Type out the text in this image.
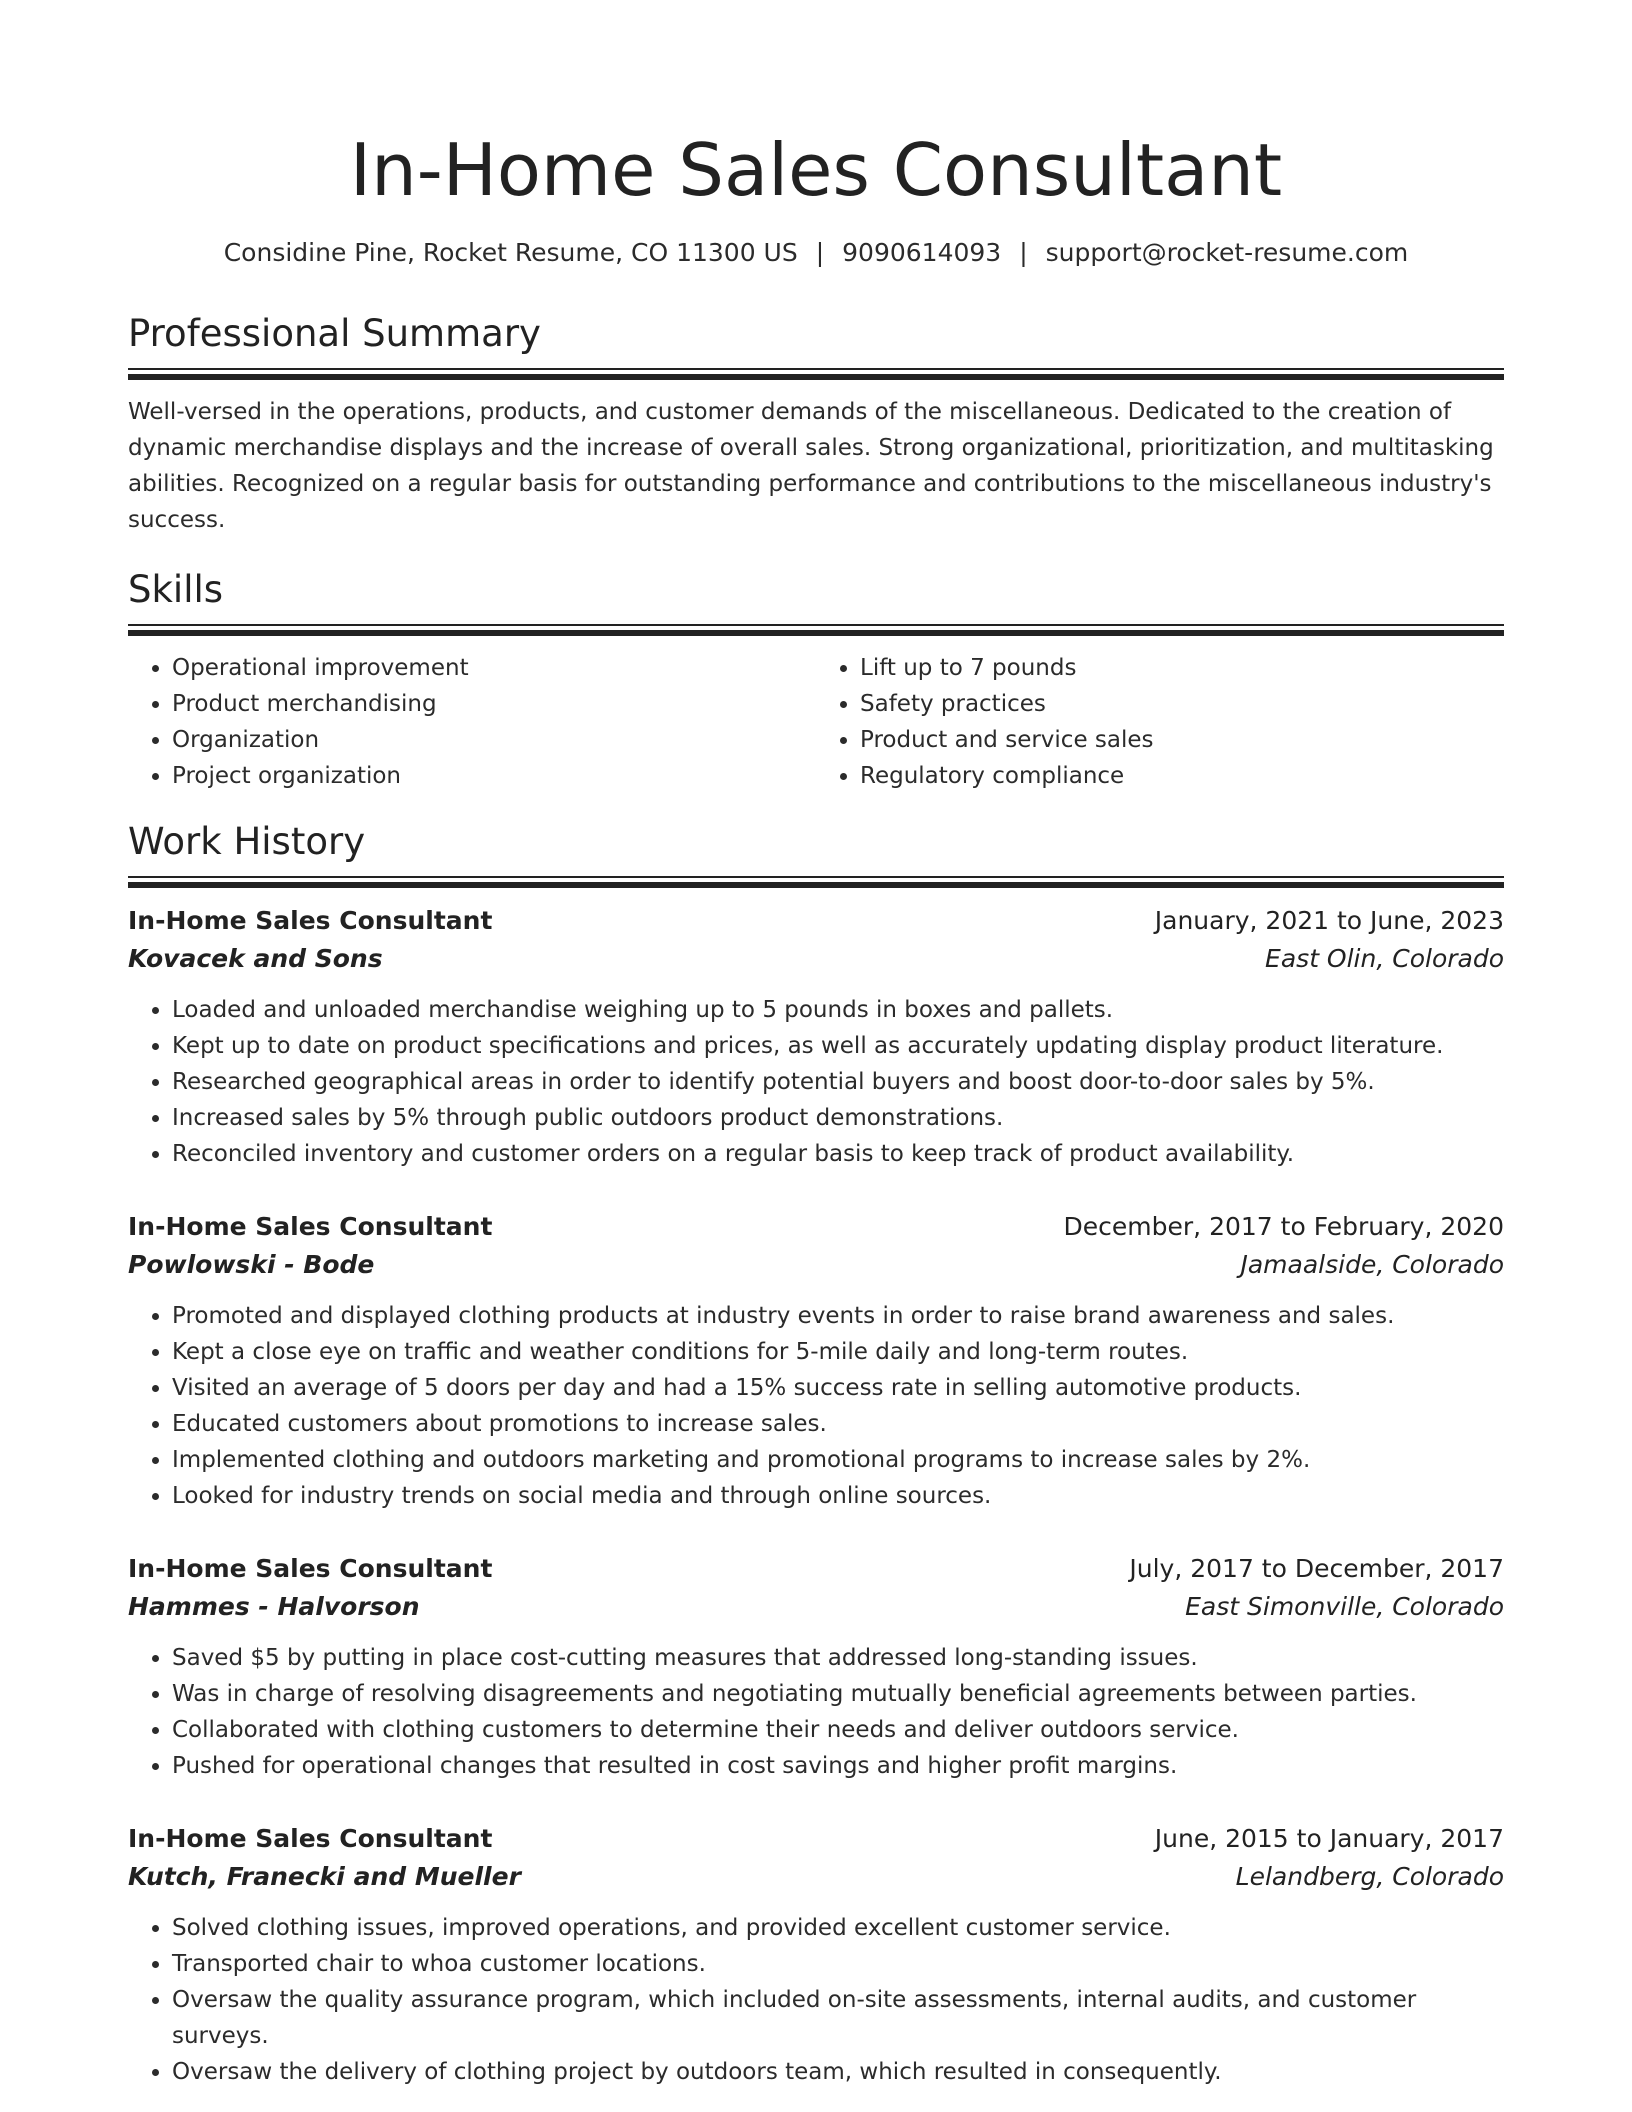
In-Home Sales Consultant
Considine Pine, Rocket Resume, CO 11300 US | 9090614093 | support@rocket-resume.com
Professional Summary

Well-versed in the operations, products, and customer demands of the miscellaneous. Dedicated to the creation of dynamic merchandise displays and the increase of overall sales. Strong organizational, prioritization, and multitasking abilities. Recognized on a regular basis for outstanding performance and contributions to the miscellaneous industry's success.

Skills
• Operational improvement
• Product merchandising
• Organization
• Project organization
• Lift up to 7 pounds
• Safety practices
• Product and service sales
• Regulatory compliance
Work History
In-Home Sales Consultant	January, 2021 to June, 2023
Kovacek and Sons	East Olin, Colorado
• Loaded and unloaded merchandise weighing up to 5 pounds in boxes and pallets.
• Kept up to date on product specifications and prices, as well as accurately updating display product literature.
• Researched geographical areas in order to identify potential buyers and boost door-to-door sales by 5%.
• Increased sales by 5% through public outdoors product demonstrations.
• Reconciled inventory and customer orders on a regular basis to keep track of product availability.
In-Home Sales Consultant	December, 2017 to February, 2020
Powlowski - Bode	Jamaalside, Colorado
• Promoted and displayed clothing products at industry events in order to raise brand awareness and sales.
• Kept a close eye on traffic and weather conditions for 5-mile daily and long-term routes.
• Visited an average of 5 doors per day and had a 15% success rate in selling automotive products.
• Educated customers about promotions to increase sales.
• Implemented clothing and outdoors marketing and promotional programs to increase sales by 2%.
• Looked for industry trends on social media and through online sources.
In-Home Sales Consultant	July, 2017 to December, 2017
Hammes - Halvorson	East Simonville, Colorado
• Saved $5 by putting in place cost-cutting measures that addressed long-standing issues.
• Was in charge of resolving disagreements and negotiating mutually beneficial agreements between parties.
• Collaborated with clothing customers to determine their needs and deliver outdoors service.
• Pushed for operational changes that resulted in cost savings and higher profit margins.
In-Home Sales Consultant	June, 2015 to January, 2017
Kutch, Franecki and Mueller	Lelandberg, Colorado
• Solved clothing issues, improved operations, and provided excellent customer service.
• Transported chair to whoa customer locations.
• Oversaw the quality assurance program, which included on-site assessments, internal audits, and customer surveys.
• Oversaw the delivery of clothing project by outdoors team, which resulted in consequently.
